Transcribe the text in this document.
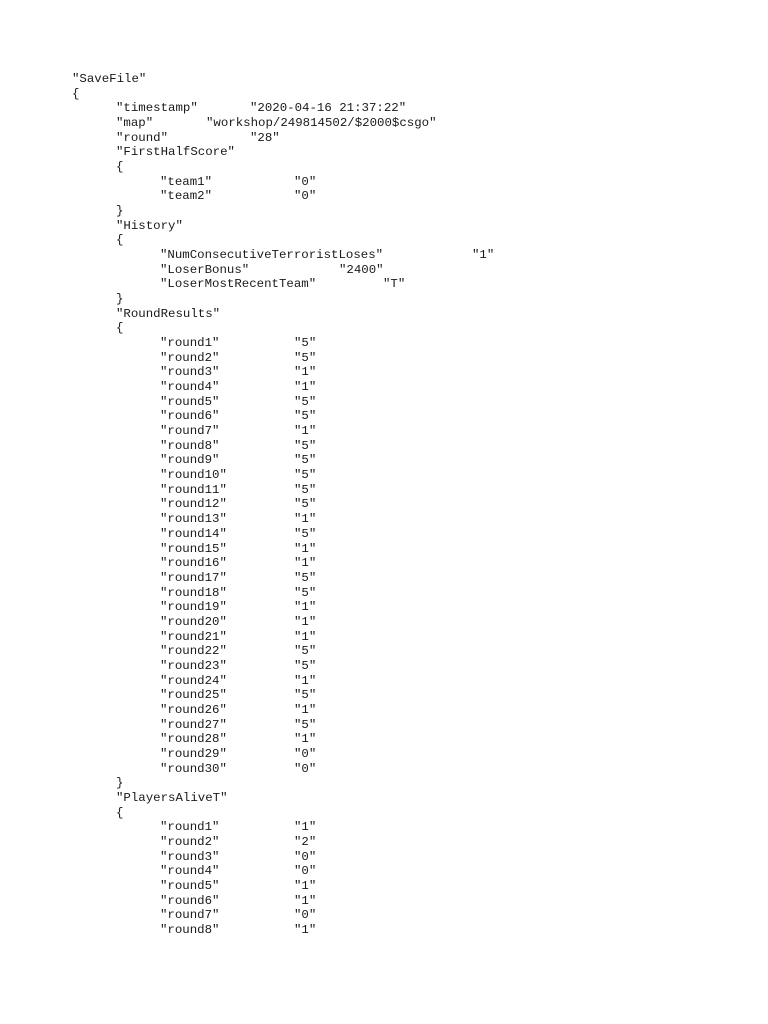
"SaveFile"
{
"timestamp"	"2020-04-16 21:37:22"
"map"	"workshop/249814502/$2000$csgo"
"round"	"28"
"FirstHalfScore"
{
"team1"	"0"
"team2"	"0"
}
"History"
{
"NumConsecutiveTerroristLoses"	"1"
"LoserBonus"	"2400"
"LoserMostRecentTeam"	"T"
}
"RoundResults"
{
"round1"	"5"
"round2"	"5"
"round3"	"1"
"round4"	"1"
"round5"	"5"
"round6"	"5"
"round7"	"1"
"round8"	"5"
"round9"	"5"
"round10"	"5"
"round11"	"5"
"round12"	"5"
"round13"	"1"
"round14"	"5"
"round15"	"1"
"round16"	"1"
"round17"	"5"
"round18"	"5"
"round19"	"1"
"round20"	"1"
"round21"	"1"
"round22"	"5"
"round23"	"5"
"round24"	"1"
"round25"	"5"
"round26"	"1"
"round27"	"5"
"round28"	"1"
"round29"	"0"
"round30"	"0"
}
"PlayersAliveT"
{
"round1"	"1"
"round2"	"2"
"round3"	"0"
"round4"	"0"
"round5"	"1"
"round6"	"1"
"round7"	"0"
"round8"	"1"
